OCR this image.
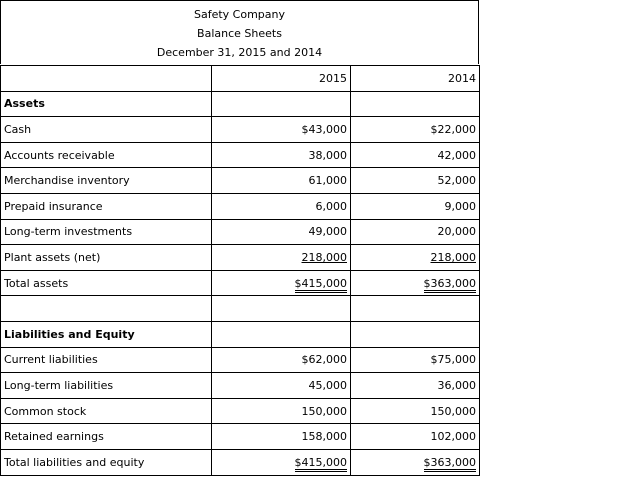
Safety Company
Balance Sheets
December 31, 2015 and 2014
	2015	2014
Assets		
Cash	$43,000	$22,000
Accounts receivable	38,000	42,000
Merchandise inventory	61,000	52,000
Prepaid insurance	6,000	9,000
Long-term investments	49,000	20,000
Plant assets (net)	218,000	218,000
Total assets	$415,000	$363,000

Liabilities and Equity		
Current liabilities	$62,000	$75,000
Long-term liabilities	45,000	36,000
Common stock	150,000	150,000
Retained earnings	158,000	102,000
Total liabilities and equity	$415,000	$363,000
